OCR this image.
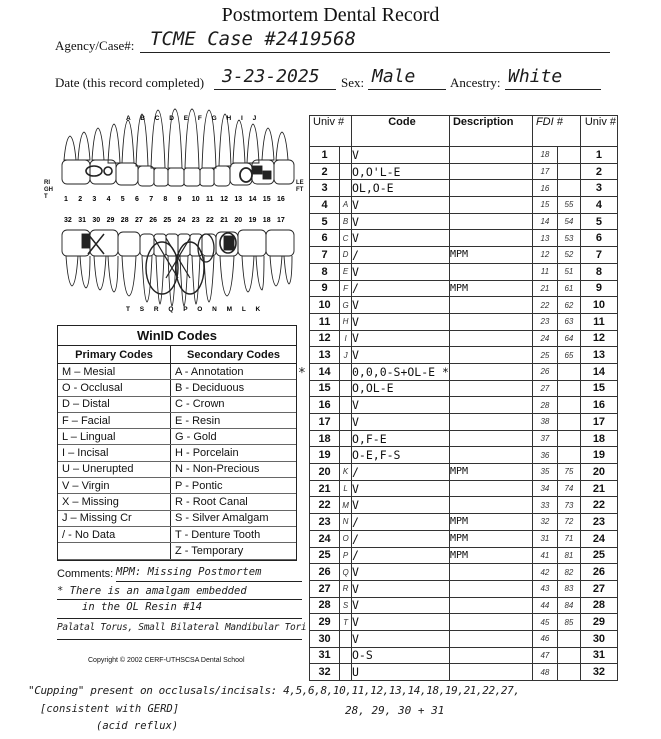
Postmortem Dental Record
Agency/Case#: TCME Case #2419568
Date (this record completed) 3-23-2025 Sex: Male	Ancestry: White
A B C D E F G H I J
T S R Q P O N M L K
1 2 3 4 5 6 7 8 9 10 11 12 13 14 15 16
32 31 30 29 28 27 26 25 24 23 22 21 20 19 18 17
RIGHT
LEFT
WinID Codes
Primary Codes	Secondary Codes
M – Mesial	A - Annotation
O - Occlusal	B - Deciduous
D – Distal	C - Crown
F – Facial	E - Resin
L – Lingual	G - Gold
I – Incisal	H - Porcelain
U – Unerupted	N - Non-Precious
V – Virgin	P - Pontic
X – Missing	R - Root Canal
J – Missing Cr	S - Silver Amalgam
/ - No Data	T - Denture Tooth
	Z - Temporary
Univ #		Code	Description	FDI #		Univ #
1		V		18		1
2		O,O'L-E		17		2
3		OL,O-E		16		3
4	A	V		15	55	4
5	B	V		14	54	5
6	C	V		13	53	6
7	D	/	MPM	12	52	7
8	E	V		11	51	8
9	F	/	MPM	21	61	9
10	G	V		22	62	10
11	H	V		23	63	11
12	I	V		24	64	12
13	J	V		25	65	13
14		0,0,0-S+OL-E *		26		14
15		O,OL-E		27		15
16		V		28		16
17		V		38		17
18		O,F-E		37		18
19		O-E,F-S		36		19
20	K	/	MPM	35	75	20
21	L	V		34	74	21
22	M	V		33	73	22
23	N	/	MPM	32	72	23
24	O	/	MPM	31	71	24
25	P	/	MPM	41	81	25
26	Q	V		42	82	26
27	R	V		43	83	27
28	S	V		44	84	28
29	T	V		45	85	29
30		V		46		30
31		O-S		47		31
32		U		48		32
*
Comments: MPM: Missing Postmortem
* There is an amalgam embedded
in the OL Resin #14
Palatal Torus, Small Bilateral Mandibular Tori
Copyright © 2002 CERF-UTHSCSA Dental School
"Cupping" present on occlusals/incisals: 4,5,6,8,10,11,12,13,14,18,19,21,22,27,
[consistent with GERD]	28, 29, 30 + 31
(acid reflux)
